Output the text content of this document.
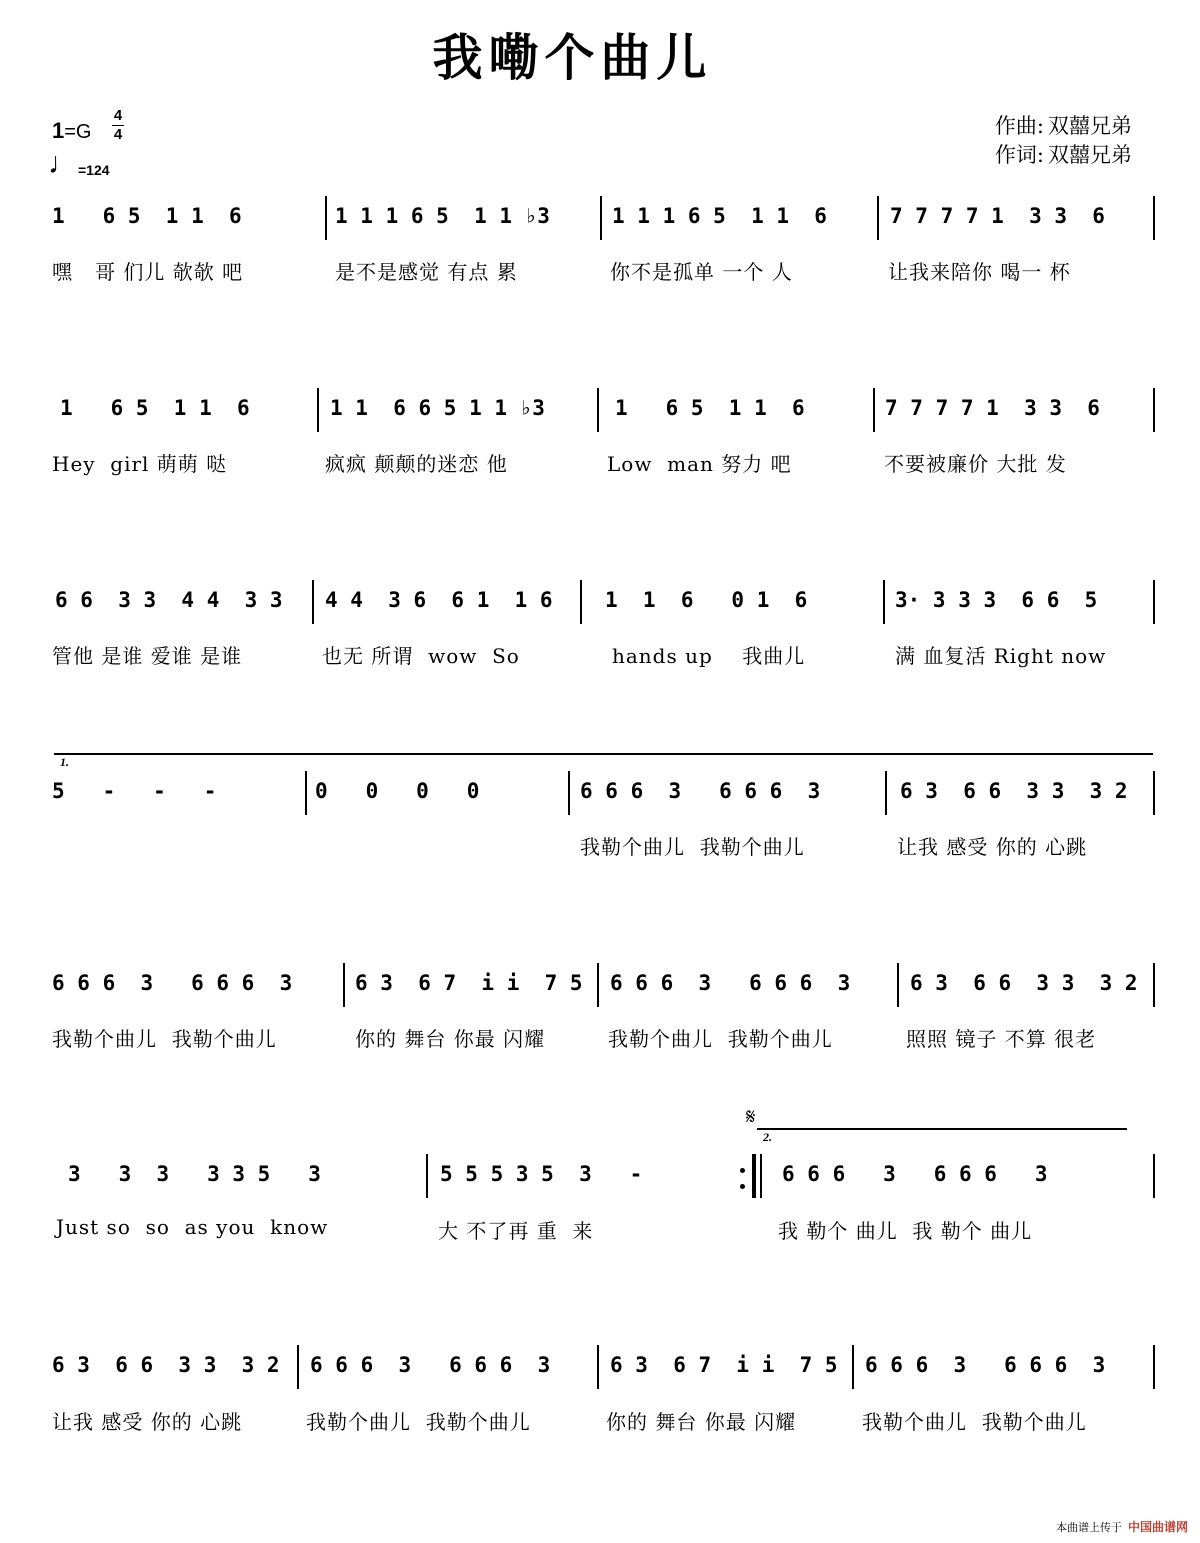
我嘞个曲儿
1=G
4
4
♩ =124
作曲: 双囍兄弟
作词: 双囍兄弟
1   6 5  1 1  6
嘿   哥 们儿 欹欹 吧
1 1 1 6 5  1 1 ♭3
是不是感觉 有点 累
1 1 1 6 5  1 1  6
你不是孤单 一个 人
7 7 7 7 1  3 3  6
让我来陪你 喝一 杯
1   6 5  1 1  6
Hey  girl 萌萌 哒
1 1  6 6 5 1 1 ♭3
疯疯 颠颠的迷恋 他
1   6 5  1 1  6
Low  man 努力 吧
7 7 7 7 1  3 3  6
不要被廉价 大批 发
6 6  3 3  4 4  3 3
管他 是谁 爱谁 是谁
4 4  3 6  6 1  1 6
也无 所谓  wow  So
1  1  6   0 1  6
hands up    我曲儿
3· 3 3 3  6 6  5
满 血复活 Right now
5   -   -   -	0   0   0   0	6 6 6  3   6 6 6  3
我勒个曲儿  我勒个曲儿
6 3  6 6  3 3  3 2
让我 感受 你的 心跳
6 6 6  3   6 6 6  3
我勒个曲儿  我勒个曲儿
6 3  6 7  i i  7 5
你的 舞台 你最 闪耀
6 6 6  3   6 6 6  3
我勒个曲儿  我勒个曲儿
6 3  6 6  3 3  3 2
照照 镜子 不算 很老
3   3  3   3 3 5   3
Just so  so  as you  know
5 5 5 3 5  3   -
大 不了再 重  来
6 6 6   3   6 6 6   3
我 勒个 曲儿  我 勒个 曲儿
6 3  6 6  3 3  3 2
让我 感受 你的 心跳
6 6 6  3   6 6 6  3
我勒个曲儿  我勒个曲儿
6 3  6 7  i i  7 5
你的 舞台 你最 闪耀
6 6 6  3   6 6 6  3
我勒个曲儿  我勒个曲儿
1.
2.
𝄋
本曲谱上传于 中国曲谱网
